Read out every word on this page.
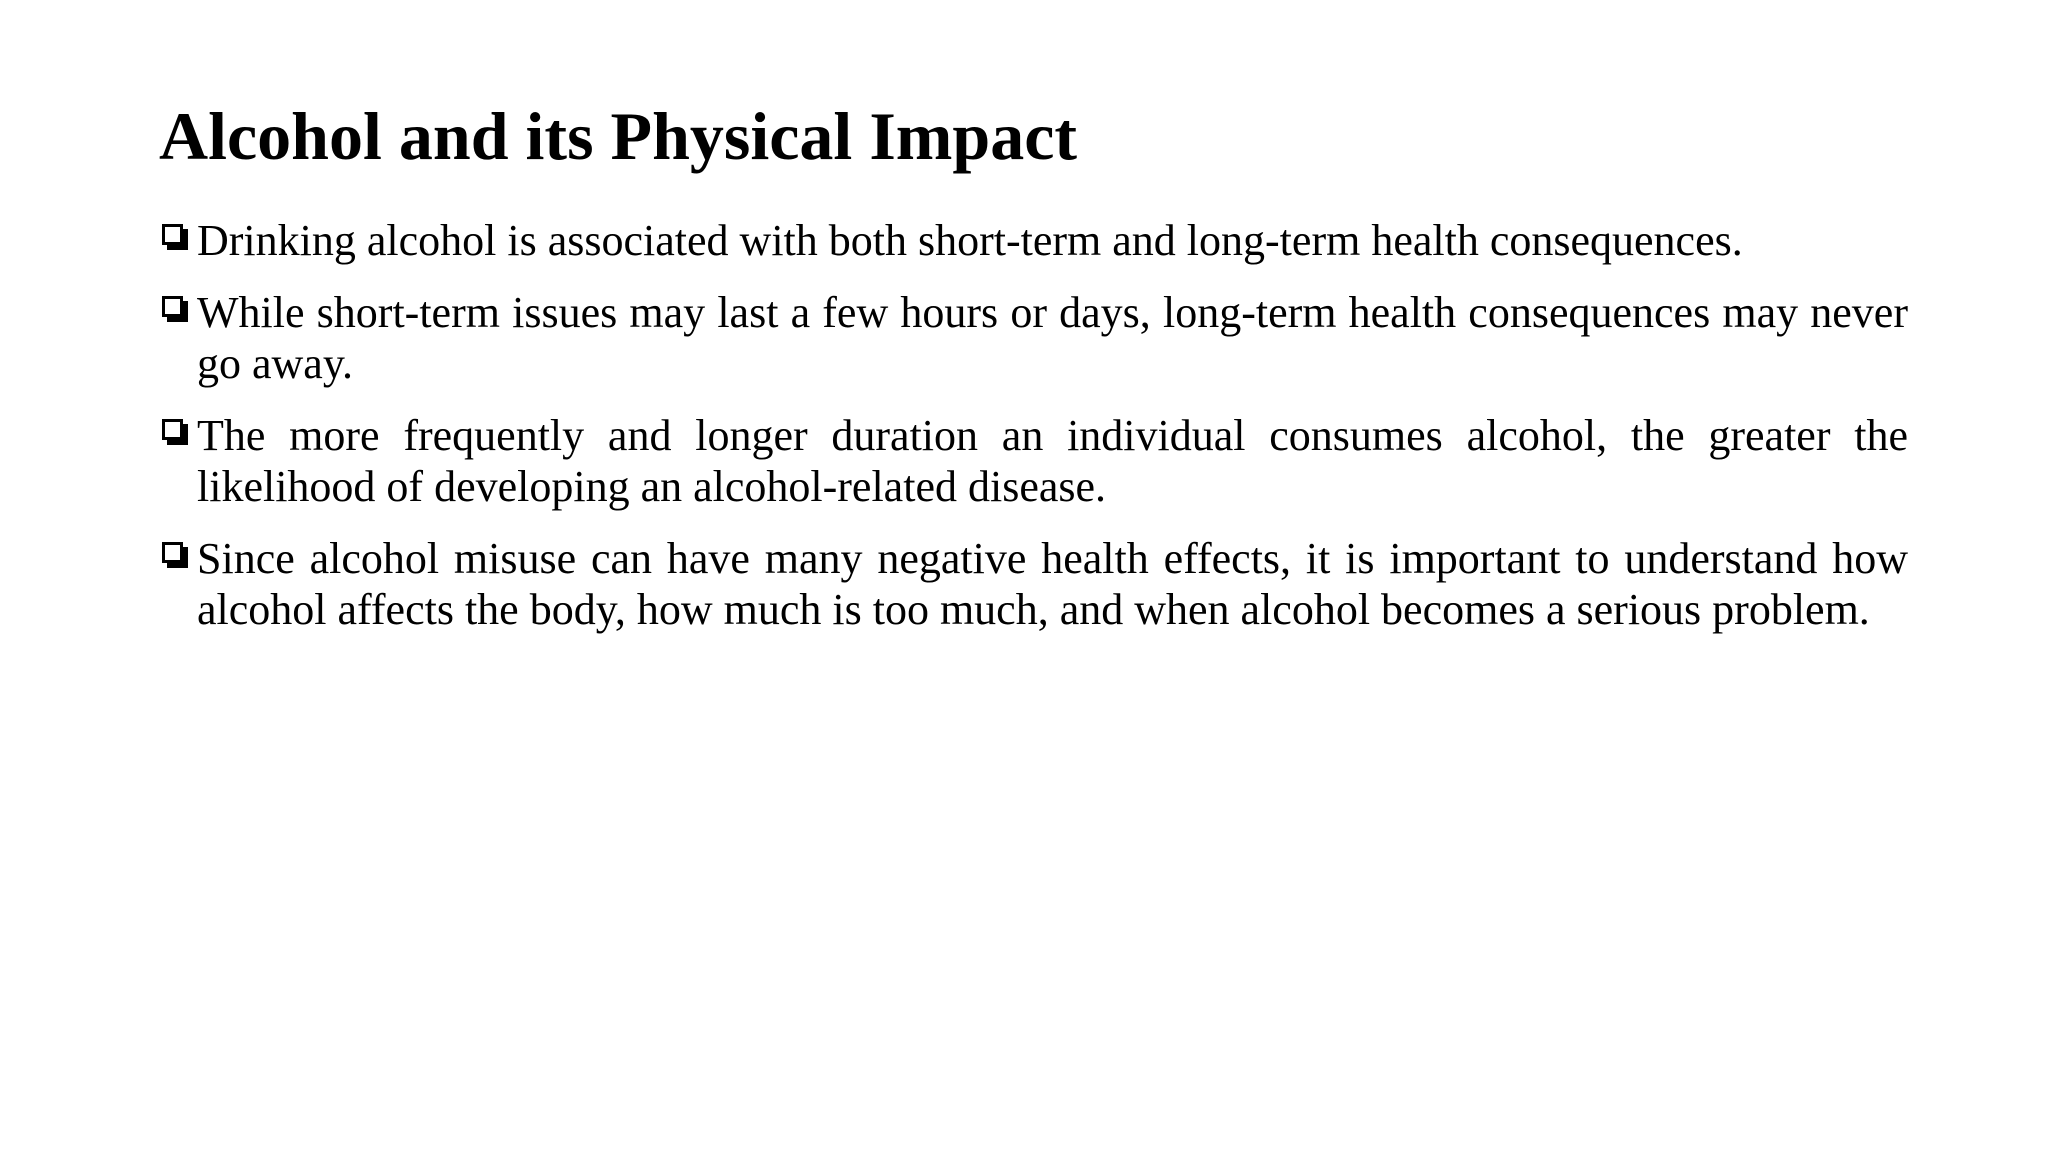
Alcohol and its Physical Impact
Drinking alcohol is associated with both short-term and long-term health consequences.
While short-term issues may last a few hours or days, long-term health consequences may never go away.
The more frequently and longer duration an individual consumes alcohol, the greater the likelihood of developing an alcohol-related disease.
Since alcohol misuse can have many negative health effects, it is important to understand how alcohol affects the body, how much is too much, and when alcohol becomes a serious problem.
